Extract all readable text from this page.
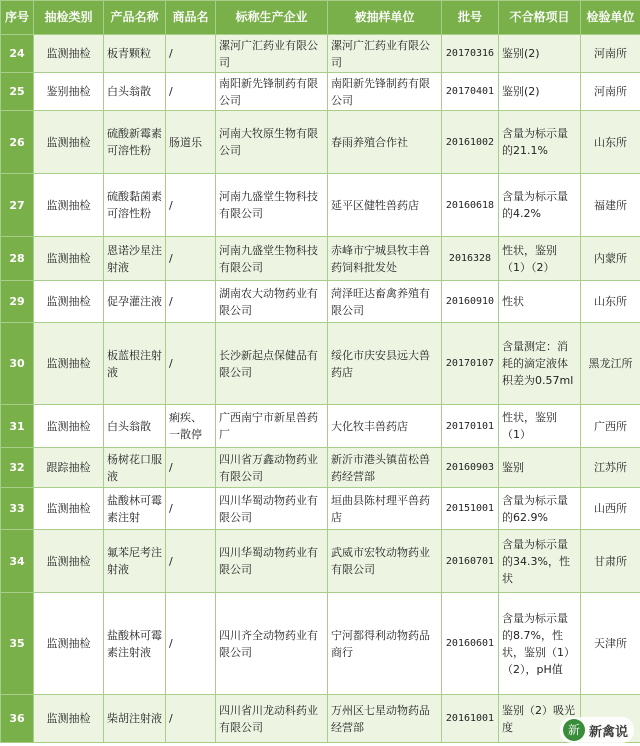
序号	抽检类别	产品名称	商品名	标称生产企业	被抽样单位	批号	不合格项目	检验单位
24	监测抽检	板青颗粒	/	漯河广汇药业有限公司	漯河广汇药业有限公司	20170316	鉴别(2)	河南所
25	鉴别抽检	白头翁散	/	南阳新先锋制药有限公司	南阳新先锋制药有限公司	20170401	鉴别(2)	河南所
26	监测抽检	硫酸新霉素可溶性粉	肠道乐	河南大牧原生物有限公司	春雨养殖合作社	20161002	含量为标示量的21.1%	山东所
27	监测抽检	硫酸黏菌素可溶性粉	/	河南九盛堂生物科技有限公司	延平区健牲兽药店	20160618	含量为标示量的4.2%	福建所
28	监测抽检	恩诺沙星注射液	/	河南九盛堂生物科技有限公司	赤峰市宁城县牧丰兽药饲料批发处	2016328	性状，鉴别（1）（2）	内蒙所
29	监测抽检	促孕灌注液	/	湖南农大动物药业有限公司	菏泽旺达畜禽养殖有限公司	20160910	性状	山东所
30	监测抽检	板蓝根注射液	/	长沙新起点保健品有限公司	绥化市庆安县远大兽药店	20170107	含量测定：消耗的滴定液体积差为0.57ml	黑龙江所
31	监测抽检	白头翁散	痢疾、一散停	广西南宁市新星兽药厂	大化牧丰兽药店	20170101	性状，鉴别（1）	广西所
32	跟踪抽检	杨树花口服液	/	四川省万鑫动物药业有限公司	新沂市港头镇苗松兽药经营部	20160903	鉴别	江苏所
33	监测抽检	盐酸林可霉素注射	/	四川华蜀动物药业有限公司	垣曲县陈村理平兽药店	20151001	含量为标示量的62.9%	山西所
34	监测抽检	氟苯尼考注射液	/	四川华蜀动物药业有限公司	武威市宏牧动物药业有限公司	20160701	含量为标示量的34.3%，性状	甘肃所
35	监测抽检	盐酸林可霉素注射液	/	四川齐全动物药业有限公司	宁河都得利动物药品商行	20160601	含量为标示量的8.7%，性状，鉴别（1）（2），pH值	天津所
36	监测抽检	柴胡注射液	/	四川省川龙动科药业有限公司	万州区七星动物药品经营部	20161001	鉴别（2）吸光度		新 新禽说
